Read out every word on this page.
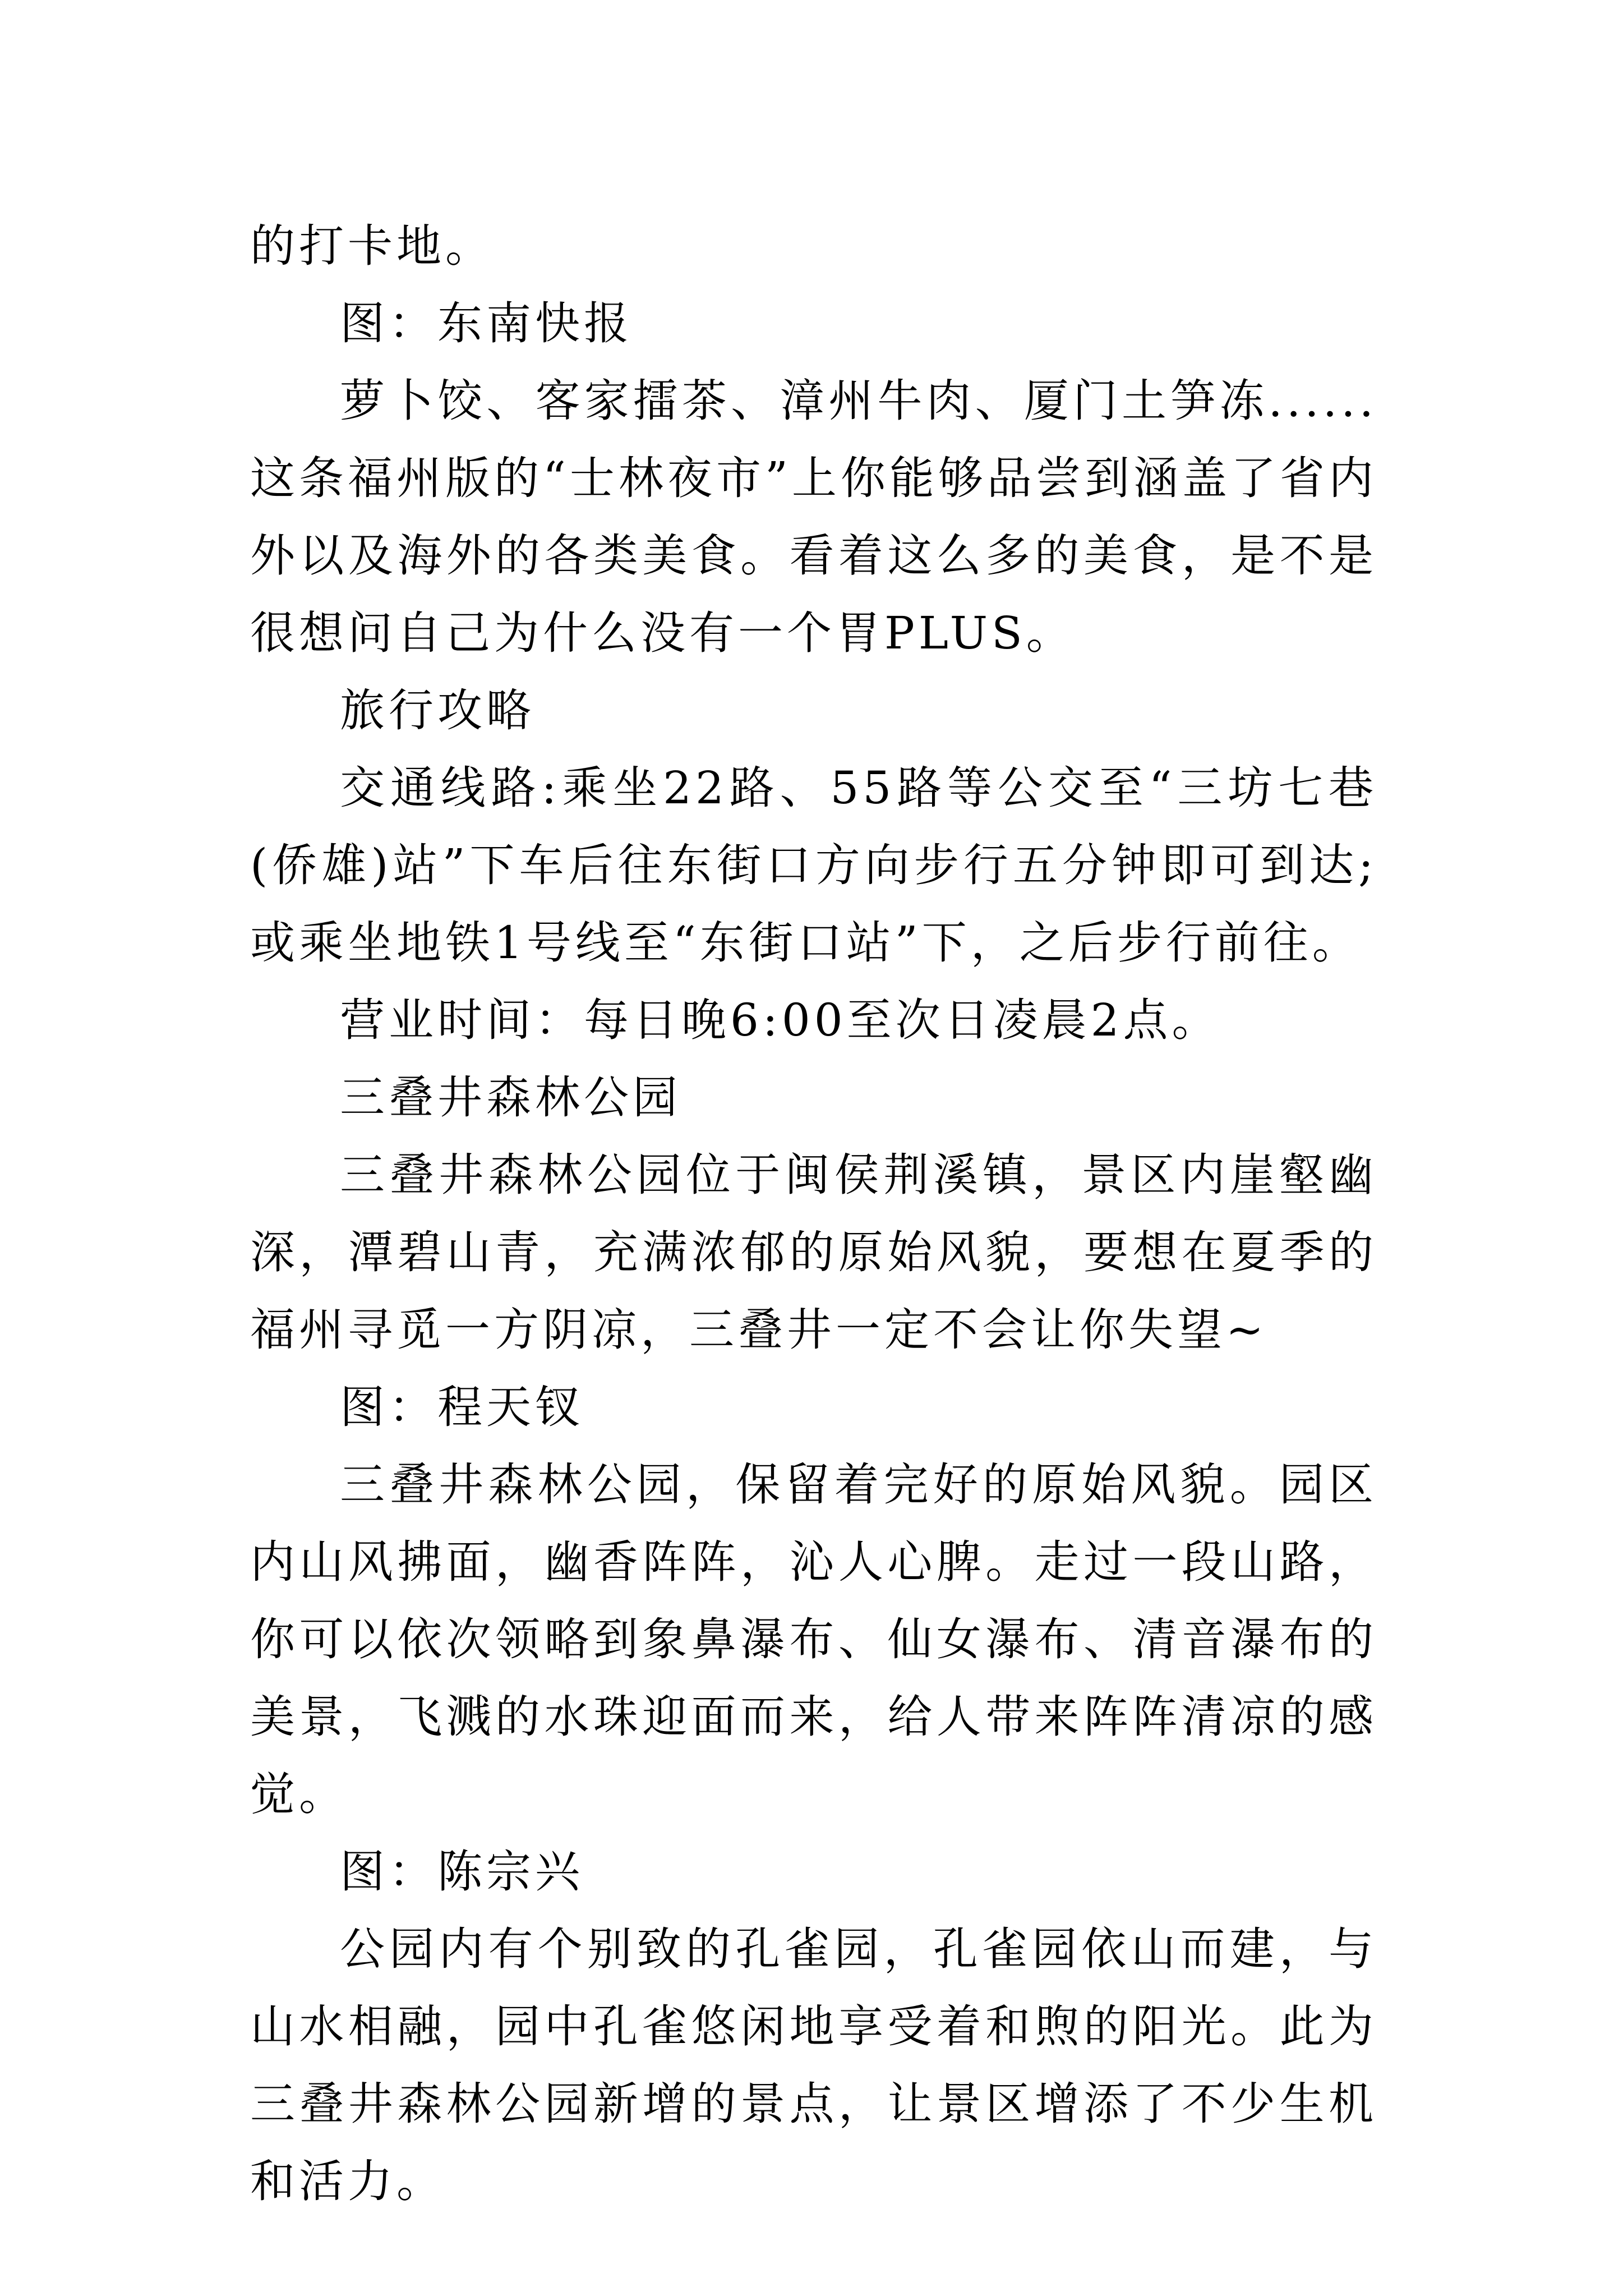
的打卡地。

图：东南快报

萝卜饺、客家擂茶、漳州牛肉、厦门土笋冻......这条福州版的“士林夜市”上你能够品尝到涵盖了省内外以及海外的各类美食。看着这么多的美食，是不是很想问自己为什么没有一个胃PLUS。

旅行攻略

交通线路:乘坐22路、55路等公交至“三坊七巷(侨雄)站”下车后往东街口方向步行五分钟即可到达;或乘坐地铁1号线至“东街口站”下，之后步行前往。

营业时间：每日晚6:00至次日凌晨2点。

三叠井森林公园

三叠井森林公园位于闽侯荆溪镇，景区内崖壑幽深，潭碧山青，充满浓郁的原始风貌，要想在夏季的福州寻觅一方阴凉，三叠井一定不会让你失望~

图：程天钗

三叠井森林公园，保留着完好的原始风貌。园区内山风拂面，幽香阵阵，沁人心脾。走过一段山路，你可以依次领略到象鼻瀑布、仙女瀑布、清音瀑布的美景，飞溅的水珠迎面而来，给人带来阵阵清凉的感觉。

图：陈宗兴

公园内有个别致的孔雀园，孔雀园依山而建，与山水相融，园中孔雀悠闲地享受着和煦的阳光。此为三叠井森林公园新增的景点，让景区增添了不少生机和活力。
